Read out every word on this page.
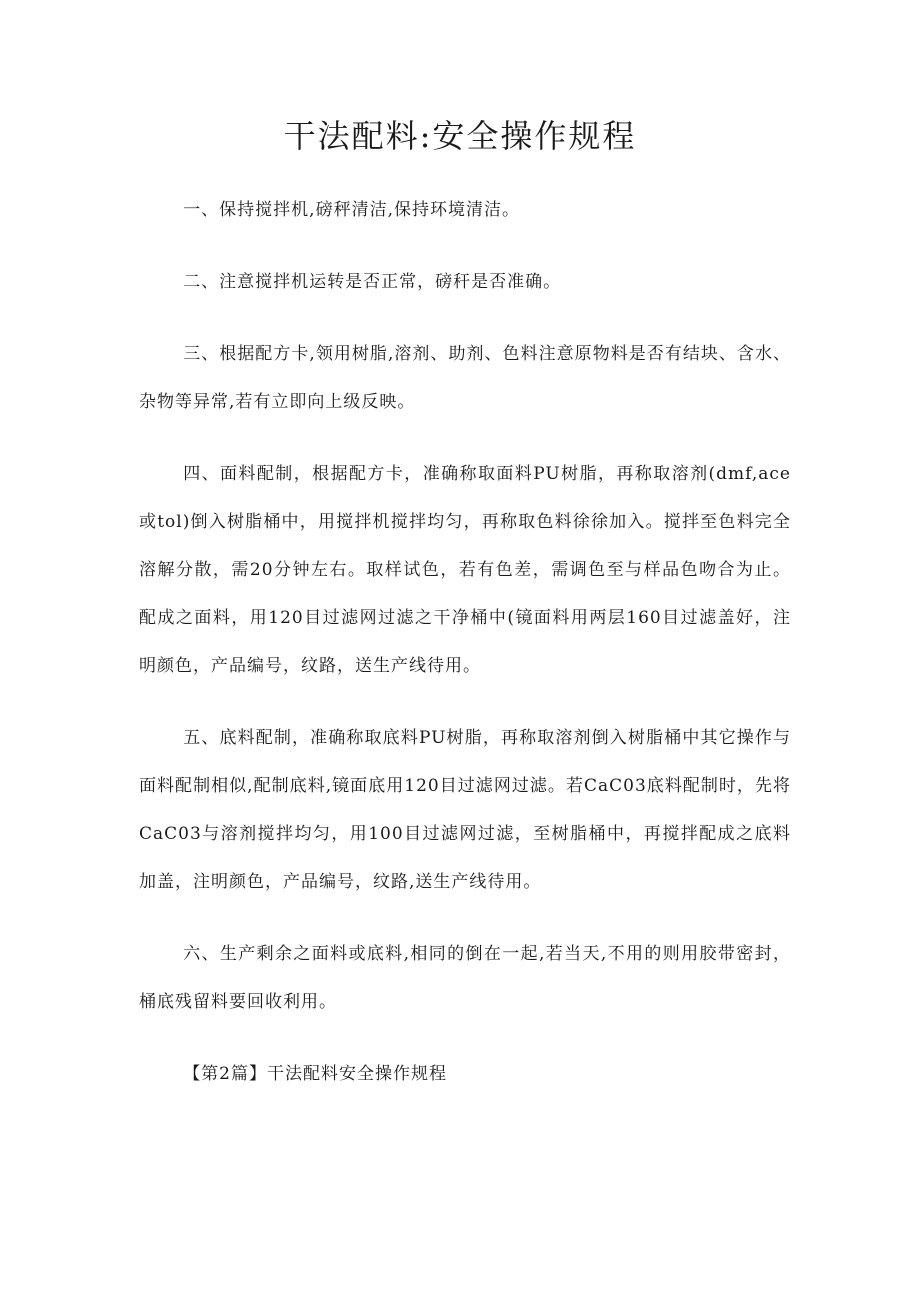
干法配料:安全操作规程

一、保持搅拌机,磅秤清洁,保持环境清洁。

二、注意搅拌机运转是否正常，磅秆是否准确。

三、根据配方卡,领用树脂,溶剂、助剂、色料注意原物料是否有结块、含水、杂物等异常,若有立即向上级反映。

四、面料配制，根据配方卡，准确称取面料PU树脂，再称取溶剂(dmf,ace或tol)倒入树脂桶中，用搅拌机搅拌均匀，再称取色料徐徐加入。搅拌至色料完全溶解分散，需20分钟左右。取样试色，若有色差，需调色至与样品色吻合为止。配成之面料，用120目过滤网过滤之干净桶中(镜面料用两层160目过滤盖好，注明颜色，产品编号，纹路，送生产线待用。

五、底料配制，准确称取底料PU树脂，再称取溶剂倒入树脂桶中其它操作与面料配制相似,配制底料,镜面底用120目过滤网过滤。若CaC03底料配制时，先将CaC03与溶剂搅拌均匀，用100目过滤网过滤，至树脂桶中，再搅拌配成之底料加盖，注明颜色，产品编号，纹路,送生产线待用。

六、生产剩余之面料或底料,相同的倒在一起,若当天,不用的则用胶带密封，桶底残留料要回收利用。

【第2篇】干法配料安全操作规程
